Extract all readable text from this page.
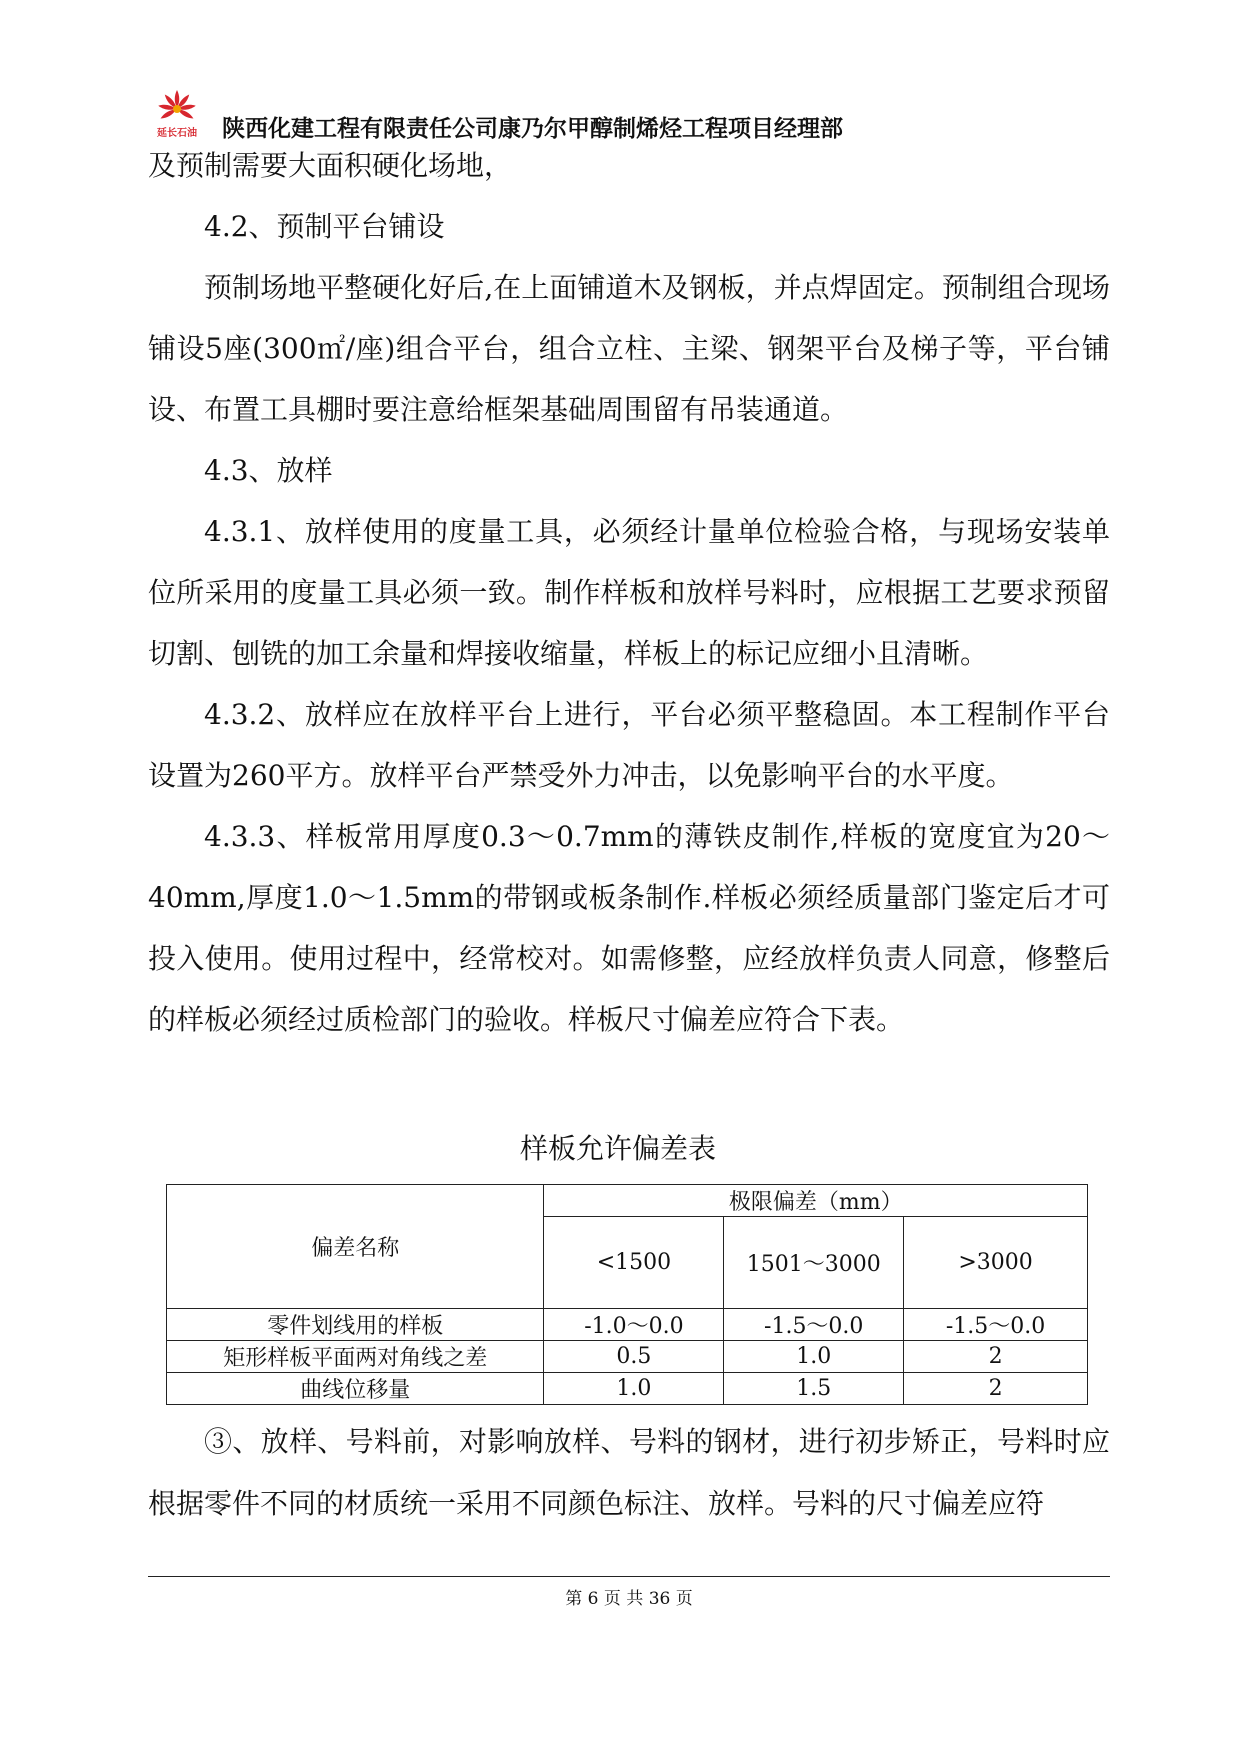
延长石油 陕西化建工程有限责任公司康乃尔甲醇制烯烃工程项目经理部

及预制需要大面积硬化场地，

4.2、预制平台铺设

预制场地平整硬化好后,在上面铺道木及钢板，并点焊固定。预制组合现场铺设5座(300㎡/座)组合平台，组合立柱、主梁、钢架平台及梯子等，平台铺设、布置工具棚时要注意给框架基础周围留有吊装通道。

4.3、放样

4.3.1、放样使用的度量工具，必须经计量单位检验合格，与现场安装单位所采用的度量工具必须一致。制作样板和放样号料时，应根据工艺要求预留切割、刨铣的加工余量和焊接收缩量，样板上的标记应细小且清晰。

4.3.2、放样应在放样平台上进行，平台必须平整稳固。本工程制作平台设置为260平方。放样平台严禁受外力冲击，以免影响平台的水平度。

4.3.3、样板常用厚度0.3～0.7mm的薄铁皮制作,样板的宽度宜为20～40mm,厚度1.0～1.5mm的带钢或板条制作.样板必须经质量部门鉴定后才可投入使用。使用过程中，经常校对。如需修整，应经放样负责人同意，修整后的样板必须经过质检部门的验收。样板尺寸偏差应符合下表。

样板允许偏差表
偏差名称	极限偏差（mm）		
	<1500	1501～3000	>3000
零件划线用的样板	-1.0～0.0	-1.5～0.0	-1.5～0.0
矩形样板平面两对角线之差	0.5	1.0	2
曲线位移量	1.0	1.5	2

③、放样、号料前，对影响放样、号料的钢材，进行初步矫正，号料时应根据零件不同的材质统一采用不同颜色标注、放样。号料的尺寸偏差应符

第 6 页 共 36 页
